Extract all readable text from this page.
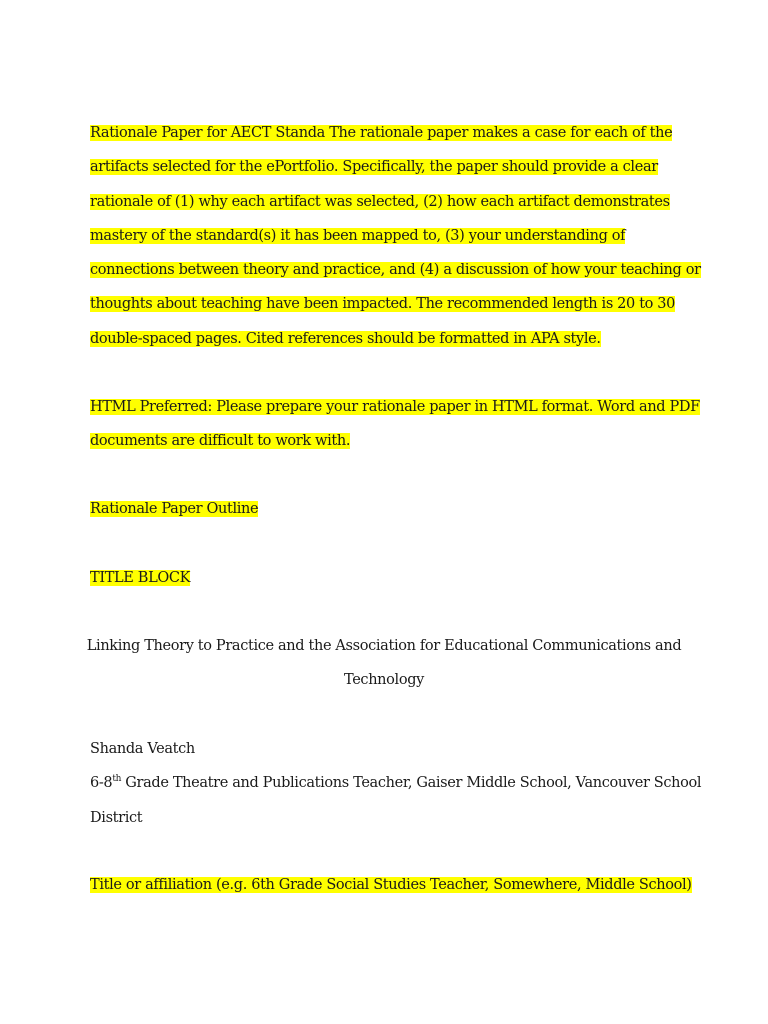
Rationale Paper for AECT Standa The rationale paper makes a case for each of the
artifacts selected for the ePortfolio. Specifically, the paper should provide a clear
rationale of (1) why each artifact was selected, (2) how each artifact demonstrates
mastery of the standard(s) it has been mapped to, (3) your understanding of
connections between theory and practice, and (4) a discussion of how your teaching or
thoughts about teaching have been impacted. The recommended length is 20 to 30
double-spaced pages. Cited references should be formatted in APA style.
HTML Preferred: Please prepare your rationale paper in HTML format. Word and PDF
documents are difficult to work with.
Rationale Paper Outline
TITLE BLOCK
Linking Theory to Practice and the Association for Educational Communications and
Technology
Shanda Veatch
6-8th Grade Theatre and Publications Teacher, Gaiser Middle School, Vancouver School
District
Title or affiliation (e.g. 6th Grade Social Studies Teacher, Somewhere, Middle School)
